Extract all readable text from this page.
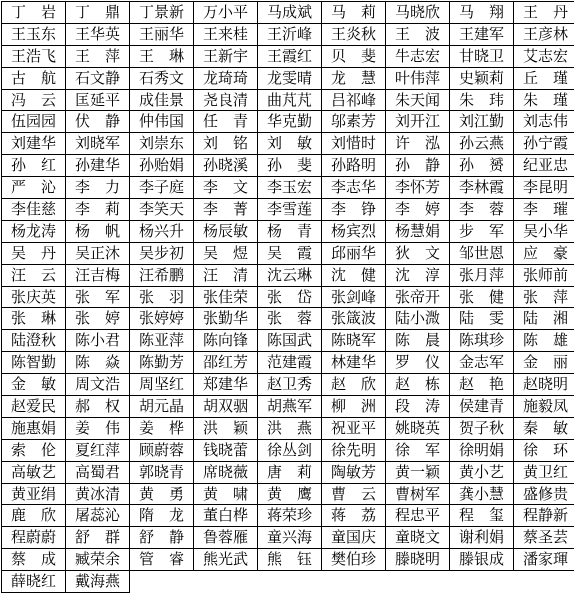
丁　岩	丁　鼎	丁景新	万小平	马成斌	马　莉	马晓欣	马　翔	王　丹
王玉东	王华英	王丽华	王来桂	王沂峰	王炎秋	王　波	王建军	王彦林
王浩飞	王　萍	王　琳	王新宇	王霞红	贝　斐	牛志宏	甘晓卫	艾志宏
古　航	石文静	石秀文	龙琦琦	龙雯晴	龙　慧	叶伟萍	史颖莉	丘　瑾
冯　云	匡延平	成佳景	尧良清	曲芃芃	吕祁峰	朱天闻	朱　玮	朱　瑾
伍园园	伏　静	仲伟国	任　青	华克勤	邬素芳	刘开江	刘江勤	刘志伟
刘建华	刘晓军	刘崇东	刘　铭	刘　敏	刘惜时	许　泓	孙云燕	孙宁霞
孙　红	孙建华	孙贻娟	孙晓溪	孙　斐	孙路明	孙　静	孙　赟	纪亚忠
严　沁	李　力	李子庭	李　文	李玉宏	李志华	李怀芳	李林霞	李昆明
李佳慈	李　莉	李笑天	李　菁	李雪莲	李　铮	李　婷	李　蓉	李　璀
杨龙涛	杨　帆	杨兴升	杨辰敏	杨　青	杨宾烈	杨慧娟	步　军	吴小华
吴　丹	吴正沐	吴步初	吴　煜	吴　霞	邱丽华	狄　文	邹世恩	应　豪
汪　云	汪吉梅	汪希鹏	汪　清	沈云琳	沈　健	沈　淳	张月萍	张师前
张庆英	张　军	张　羽	张佳荣	张　岱	张剑峰	张帝开	张　健	张　萍
张　琳	张　婷	张婷婷	张勤华	张　蓉	张箴波	陆小溦	陆　雯	陆　湘
陆澄秋	陈小君	陈亚萍	陈向锋	陈国武	陈晓军	陈　晨	陈琪珍	陈　雄
陈智勤	陈　焱	陈勤芳	邵红芳	范建霞	林建华	罗　仪	金志军	金　丽
金　敏	周文浩	周坚红	郑建华	赵卫秀	赵　欣	赵　栋	赵　艳	赵晓明
赵爱民	郝　权	胡元晶	胡双骃	胡燕军	柳　洲	段　涛	侯建青	施毅凤
施惠娟	姜　伟	姜　桦	洪　颖	洪　燕	祝亚平	姚晓英	贺子秋	秦　敏
索　伦	夏红萍	顾蔚蓉	钱晓蕾	徐丛剑	徐先明	徐　军	徐明娟	徐　环
高敏艺	高蜀君	郭晓青	席晓薇	唐　莉	陶敏芳	黄一颖	黄小艺	黄卫红
黄亚绢	黄冰清	黄　勇	黄　啸	黄　鹰	曹　云	曹树军	龚小慧	盛修贵
鹿　欣	屠蕊沁	隋　龙	董白桦	蒋荣珍	蒋　荔	程忠平	程　玺	程静新
程蔚蔚	舒　群	舒　静	鲁蓉雁	童兴海	童国庆	童晓文	谢利娟	蔡圣芸
蔡　成	臧荣余	管　睿	熊光武	熊　钰	樊伯珍	滕晓明	滕银成	潘家琿
薛晓红	戴海燕							
